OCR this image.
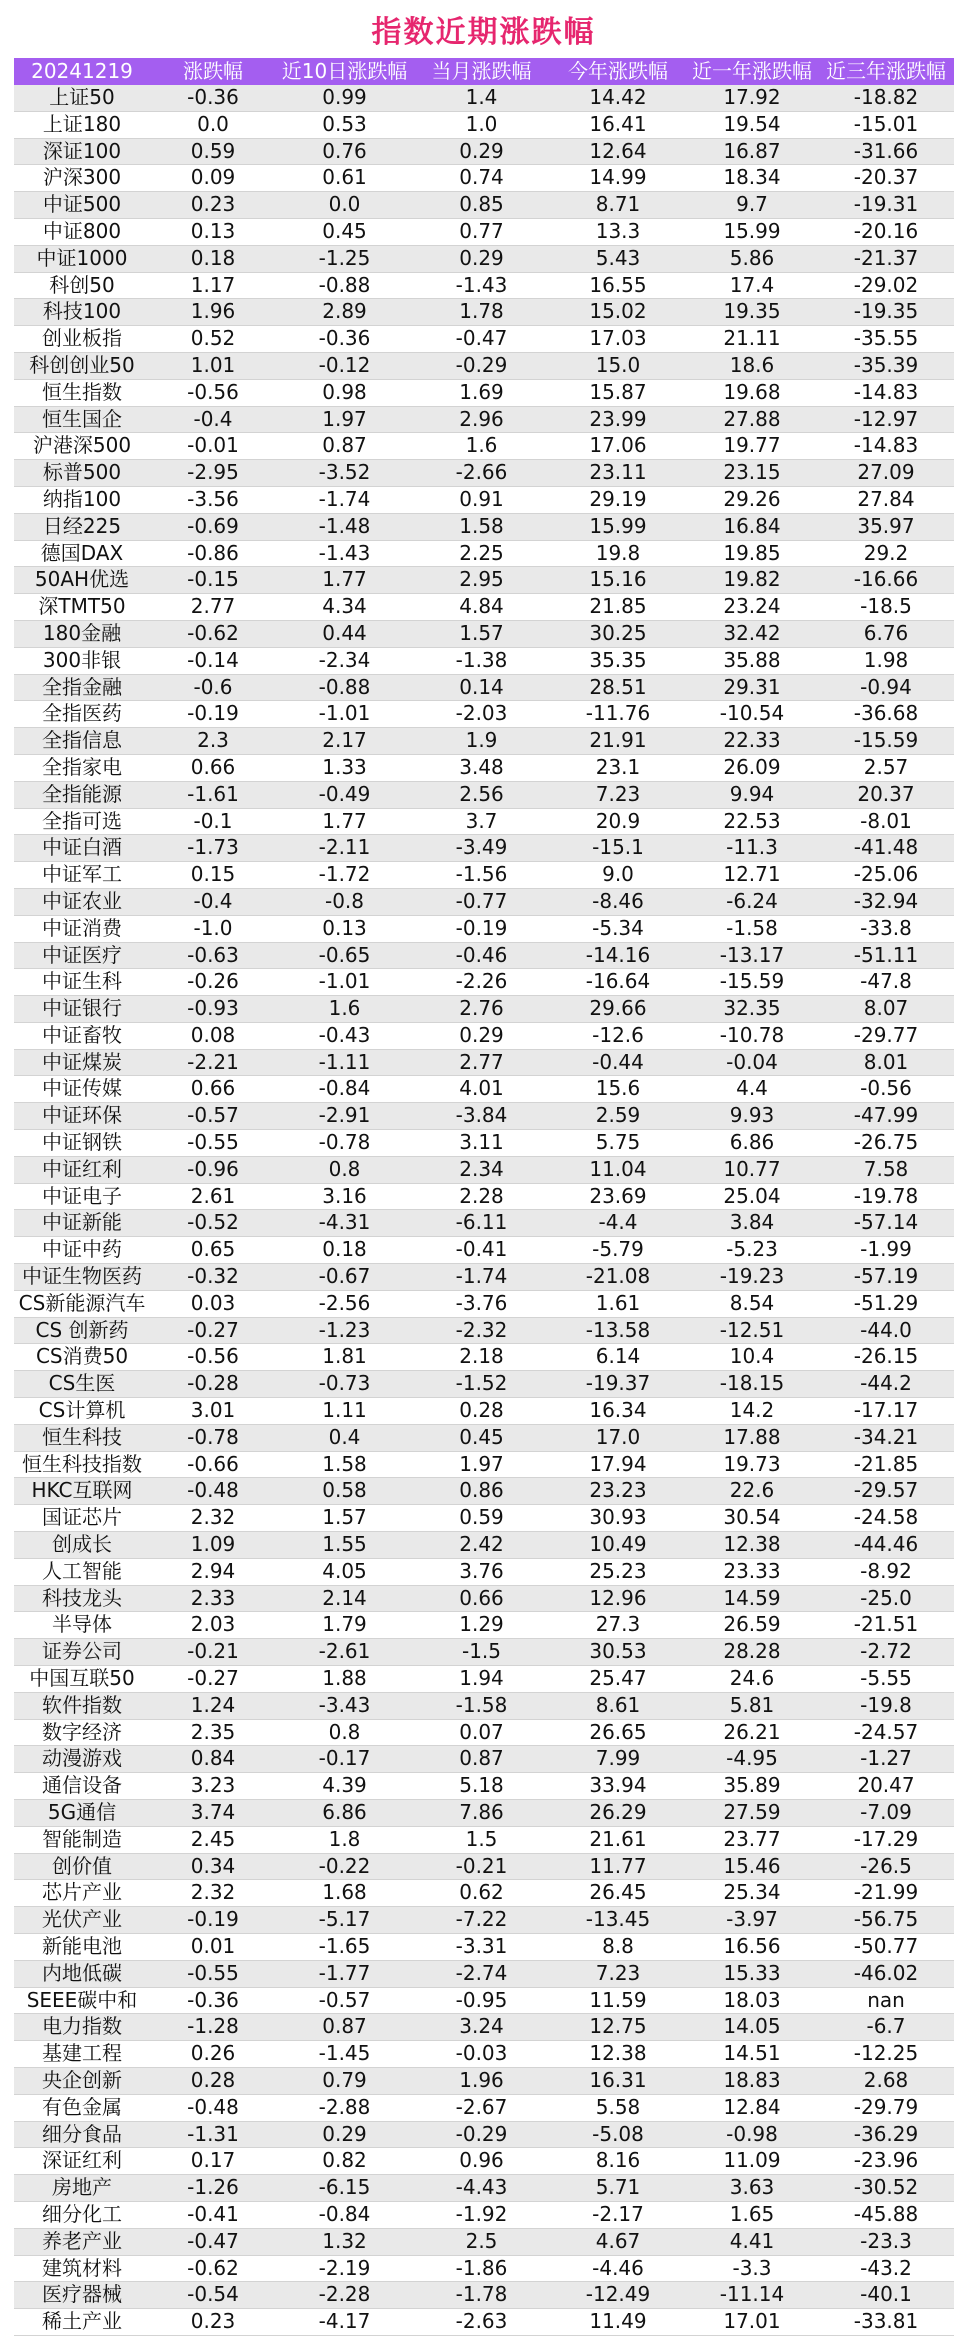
指数近期涨跌幅
20241219	涨跌幅	近10日涨跌幅	当月涨跌幅	今年涨跌幅	近一年涨跌幅	近三年涨跌幅
上证50	-0.36	0.99	1.4	14.42	17.92	-18.82
上证180	0.0	0.53	1.0	16.41	19.54	-15.01
深证100	0.59	0.76	0.29	12.64	16.87	-31.66
沪深300	0.09	0.61	0.74	14.99	18.34	-20.37
中证500	0.23	0.0	0.85	8.71	9.7	-19.31
中证800	0.13	0.45	0.77	13.3	15.99	-20.16
中证1000	0.18	-1.25	0.29	5.43	5.86	-21.37
科创50	1.17	-0.88	-1.43	16.55	17.4	-29.02
科技100	1.96	2.89	1.78	15.02	19.35	-19.35
创业板指	0.52	-0.36	-0.47	17.03	21.11	-35.55
科创创业50	1.01	-0.12	-0.29	15.0	18.6	-35.39
恒生指数	-0.56	0.98	1.69	15.87	19.68	-14.83
恒生国企	-0.4	1.97	2.96	23.99	27.88	-12.97
沪港深500	-0.01	0.87	1.6	17.06	19.77	-14.83
标普500	-2.95	-3.52	-2.66	23.11	23.15	27.09
纳指100	-3.56	-1.74	0.91	29.19	29.26	27.84
日经225	-0.69	-1.48	1.58	15.99	16.84	35.97
德国DAX	-0.86	-1.43	2.25	19.8	19.85	29.2
50AH优选	-0.15	1.77	2.95	15.16	19.82	-16.66
深TMT50	2.77	4.34	4.84	21.85	23.24	-18.5
180金融	-0.62	0.44	1.57	30.25	32.42	6.76
300非银	-0.14	-2.34	-1.38	35.35	35.88	1.98
全指金融	-0.6	-0.88	0.14	28.51	29.31	-0.94
全指医药	-0.19	-1.01	-2.03	-11.76	-10.54	-36.68
全指信息	2.3	2.17	1.9	21.91	22.33	-15.59
全指家电	0.66	1.33	3.48	23.1	26.09	2.57
全指能源	-1.61	-0.49	2.56	7.23	9.94	20.37
全指可选	-0.1	1.77	3.7	20.9	22.53	-8.01
中证白酒	-1.73	-2.11	-3.49	-15.1	-11.3	-41.48
中证军工	0.15	-1.72	-1.56	9.0	12.71	-25.06
中证农业	-0.4	-0.8	-0.77	-8.46	-6.24	-32.94
中证消费	-1.0	0.13	-0.19	-5.34	-1.58	-33.8
中证医疗	-0.63	-0.65	-0.46	-14.16	-13.17	-51.11
中证生科	-0.26	-1.01	-2.26	-16.64	-15.59	-47.8
中证银行	-0.93	1.6	2.76	29.66	32.35	8.07
中证畜牧	0.08	-0.43	0.29	-12.6	-10.78	-29.77
中证煤炭	-2.21	-1.11	2.77	-0.44	-0.04	8.01
中证传媒	0.66	-0.84	4.01	15.6	4.4	-0.56
中证环保	-0.57	-2.91	-3.84	2.59	9.93	-47.99
中证钢铁	-0.55	-0.78	3.11	5.75	6.86	-26.75
中证红利	-0.96	0.8	2.34	11.04	10.77	7.58
中证电子	2.61	3.16	2.28	23.69	25.04	-19.78
中证新能	-0.52	-4.31	-6.11	-4.4	3.84	-57.14
中证中药	0.65	0.18	-0.41	-5.79	-5.23	-1.99
中证生物医药	-0.32	-0.67	-1.74	-21.08	-19.23	-57.19
CS新能源汽车	0.03	-2.56	-3.76	1.61	8.54	-51.29
CS 创新药	-0.27	-1.23	-2.32	-13.58	-12.51	-44.0
CS消费50	-0.56	1.81	2.18	6.14	10.4	-26.15
CS生医	-0.28	-0.73	-1.52	-19.37	-18.15	-44.2
CS计算机	3.01	1.11	0.28	16.34	14.2	-17.17
恒生科技	-0.78	0.4	0.45	17.0	17.88	-34.21
恒生科技指数	-0.66	1.58	1.97	17.94	19.73	-21.85
HKC互联网	-0.48	0.58	0.86	23.23	22.6	-29.57
国证芯片	2.32	1.57	0.59	30.93	30.54	-24.58
创成长	1.09	1.55	2.42	10.49	12.38	-44.46
人工智能	2.94	4.05	3.76	25.23	23.33	-8.92
科技龙头	2.33	2.14	0.66	12.96	14.59	-25.0
半导体	2.03	1.79	1.29	27.3	26.59	-21.51
证券公司	-0.21	-2.61	-1.5	30.53	28.28	-2.72
中国互联50	-0.27	1.88	1.94	25.47	24.6	-5.55
软件指数	1.24	-3.43	-1.58	8.61	5.81	-19.8
数字经济	2.35	0.8	0.07	26.65	26.21	-24.57
动漫游戏	0.84	-0.17	0.87	7.99	-4.95	-1.27
通信设备	3.23	4.39	5.18	33.94	35.89	20.47
5G通信	3.74	6.86	7.86	26.29	27.59	-7.09
智能制造	2.45	1.8	1.5	21.61	23.77	-17.29
创价值	0.34	-0.22	-0.21	11.77	15.46	-26.5
芯片产业	2.32	1.68	0.62	26.45	25.34	-21.99
光伏产业	-0.19	-5.17	-7.22	-13.45	-3.97	-56.75
新能电池	0.01	-1.65	-3.31	8.8	16.56	-50.77
内地低碳	-0.55	-1.77	-2.74	7.23	15.33	-46.02
SEEE碳中和	-0.36	-0.57	-0.95	11.59	18.03	nan
电力指数	-1.28	0.87	3.24	12.75	14.05	-6.7
基建工程	0.26	-1.45	-0.03	12.38	14.51	-12.25
央企创新	0.28	0.79	1.96	16.31	18.83	2.68
有色金属	-0.48	-2.88	-2.67	5.58	12.84	-29.79
细分食品	-1.31	0.29	-0.29	-5.08	-0.98	-36.29
深证红利	0.17	0.82	0.96	8.16	11.09	-23.96
房地产	-1.26	-6.15	-4.43	5.71	3.63	-30.52
细分化工	-0.41	-0.84	-1.92	-2.17	1.65	-45.88
养老产业	-0.47	1.32	2.5	4.67	4.41	-23.3
建筑材料	-0.62	-2.19	-1.86	-4.46	-3.3	-43.2
医疗器械	-0.54	-2.28	-1.78	-12.49	-11.14	-40.1
稀土产业	0.23	-4.17	-2.63	11.49	17.01	-33.81
